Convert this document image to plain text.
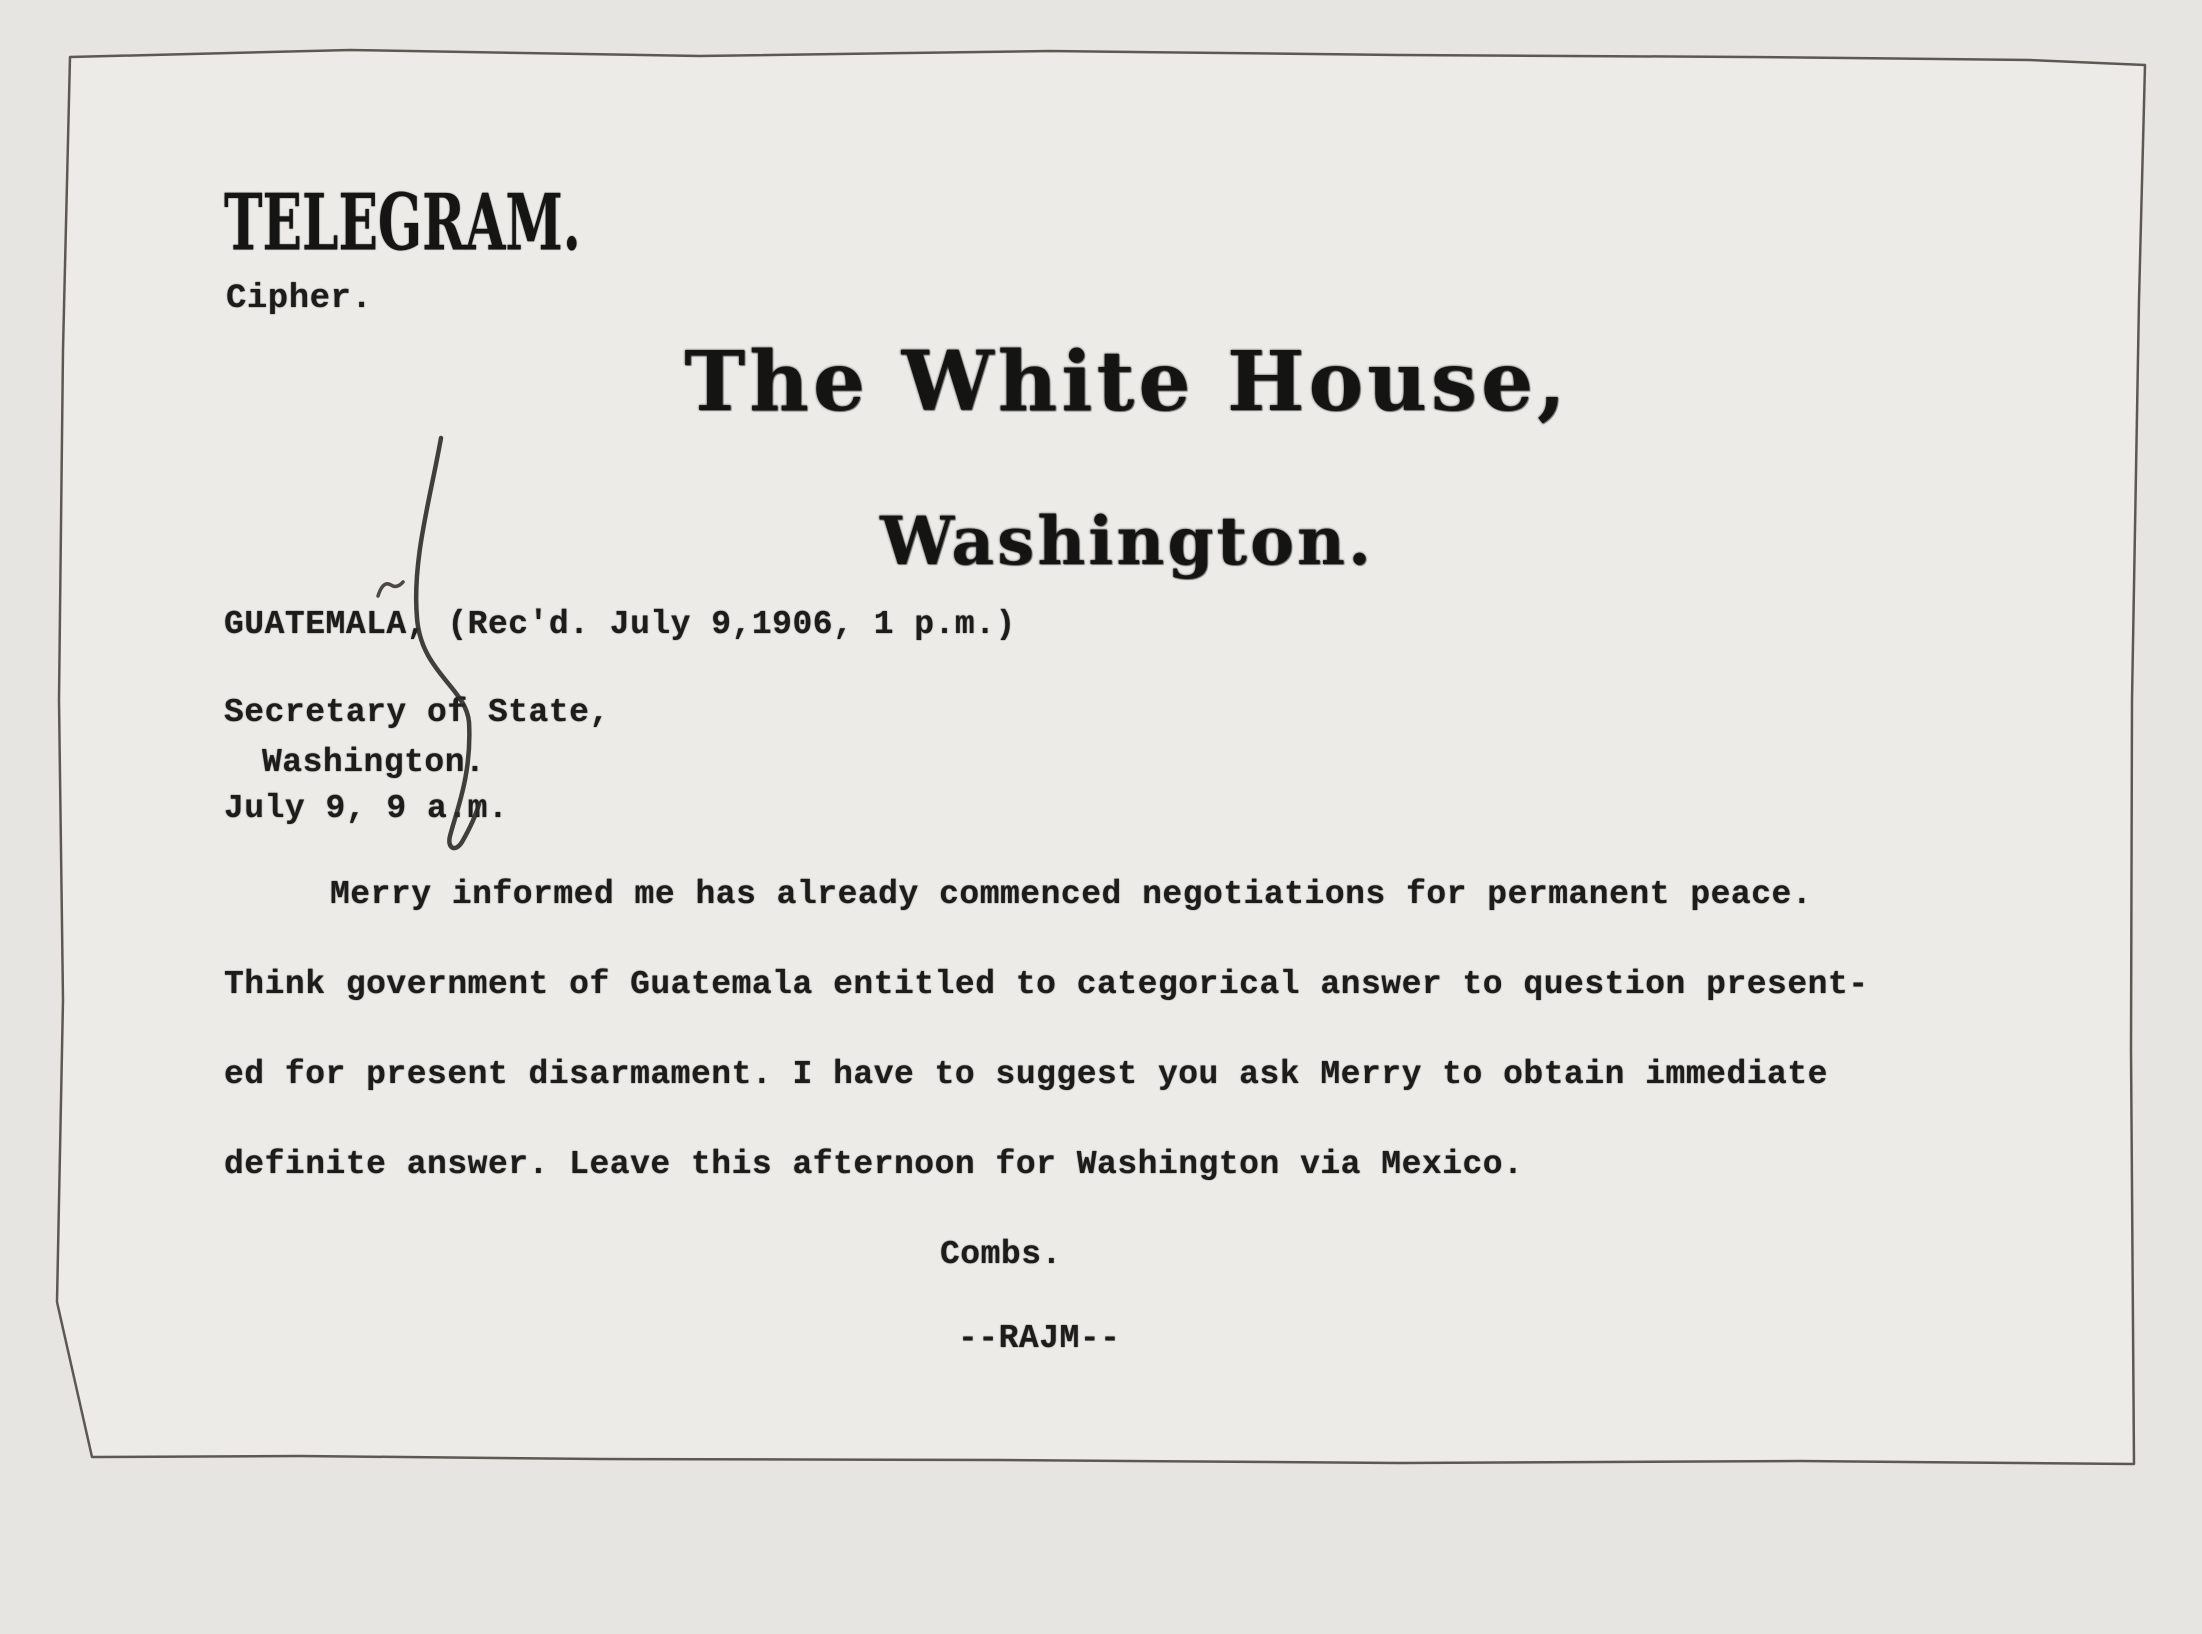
TELEGRAM.
Cipher.
The White House,
Washington.
GUATEMALA, (Rec'd. July 9,1906, 1 p.m.)
Secretary of State,
Washington.
July 9, 9 a.m.
Merry informed me has already commenced negotiations for permanent peace.
Think government of Guatemala entitled to categorical answer to question present-
ed for present disarmament. I have to suggest you ask Merry to obtain immediate
definite answer. Leave this afternoon for Washington via Mexico.
Combs.
--RAJM--
